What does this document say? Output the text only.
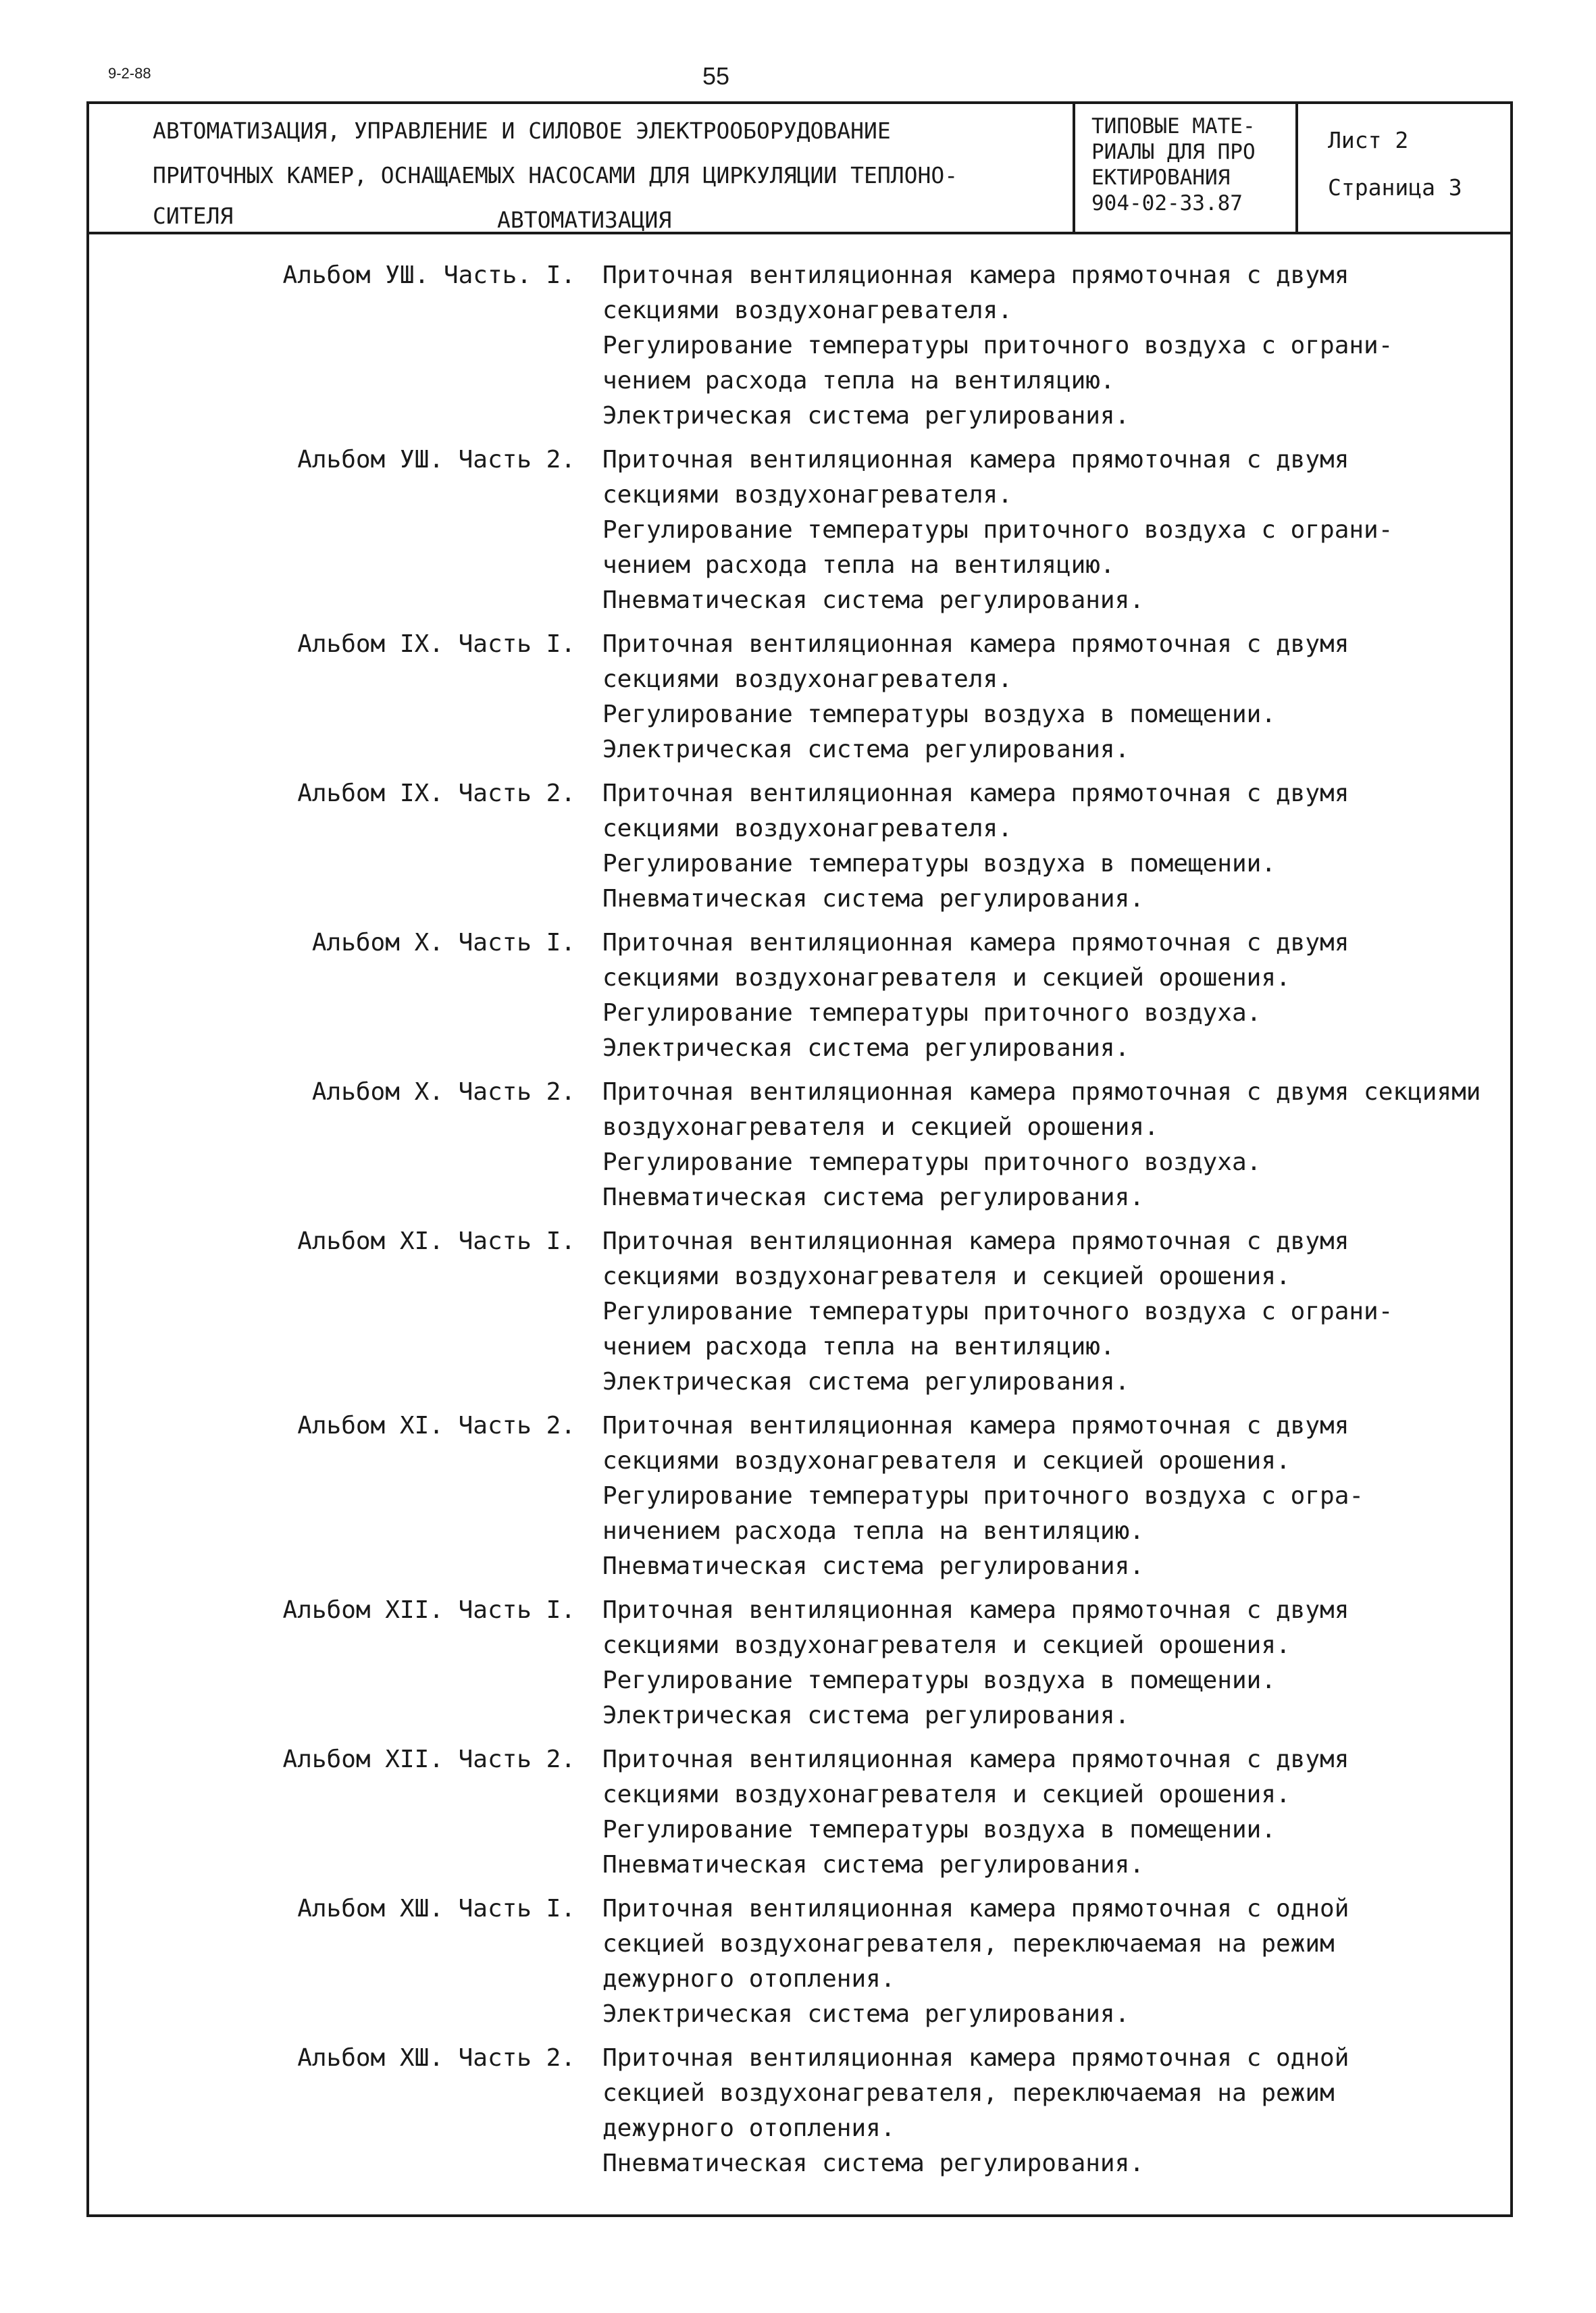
9-2-88	55
АВТОМАТИЗАЦИЯ, УПРАВЛЕНИЕ И СИЛОВОЕ ЭЛЕКТРООБОРУДОВАНИЕ
ПРИТОЧНЫХ КАМЕР, ОСНАЩАЕМЫХ НАСОСАМИ ДЛЯ ЦИРКУЛЯЦИИ ТЕПЛОНО-
СИТЕЛЯ	АВТОМАТИЗАЦИЯ
ТИПОВЫЕ МАТЕ-
РИАЛЫ ДЛЯ ПРО
ЕКТИРОВАНИЯ
904-02-33.87
Лист 2
Страница 3
Альбом УШ. Часть. I.	Приточная вентиляционная камера прямоточная с двумя
секциями воздухонагревателя.
Регулирование температуры приточного воздуха с ограни-
чением расхода тепла на вентиляцию.
Электрическая система регулирования.
Альбом УШ. Часть 2.	Приточная вентиляционная камера прямоточная с двумя
секциями воздухонагревателя.
Регулирование температуры приточного воздуха с ограни-
чением расхода тепла на вентиляцию.
Пневматическая система регулирования.
Альбом IX. Часть I.	Приточная вентиляционная камера прямоточная с двумя
секциями воздухонагревателя.
Регулирование температуры воздуха в помещении.
Электрическая система регулирования.
Альбом IX. Часть 2.	Приточная вентиляционная камера прямоточная с двумя
секциями воздухонагревателя.
Регулирование температуры воздуха в помещении.
Пневматическая система регулирования.
Альбом X. Часть I.	Приточная вентиляционная камера прямоточная с двумя
секциями воздухонагревателя и секцией орошения.
Регулирование температуры приточного воздуха.
Электрическая система регулирования.
Альбом X. Часть 2.	Приточная вентиляционная камера прямоточная с двумя секциями
воздухонагревателя и секцией орошения.
Регулирование температуры приточного воздуха.
Пневматическая система регулирования.
Альбом XI. Часть I.	Приточная вентиляционная камера прямоточная с двумя
секциями воздухонагревателя и секцией орошения.
Регулирование температуры приточного воздуха с ограни-
чением расхода тепла на вентиляцию.
Электрическая система регулирования.
Альбом XI. Часть 2.	Приточная вентиляционная камера прямоточная с двумя
секциями воздухонагревателя и секцией орошения.
Регулирование температуры приточного воздуха с огра-
ничением расхода тепла на вентиляцию.
Пневматическая система регулирования.
Альбом XII. Часть I.	Приточная вентиляционная камера прямоточная с двумя
секциями воздухонагревателя и секцией орошения.
Регулирование температуры воздуха в помещении.
Электрическая система регулирования.
Альбом XII. Часть 2.	Приточная вентиляционная камера прямоточная с двумя
секциями воздухонагревателя и секцией орошения.
Регулирование температуры воздуха в помещении.
Пневматическая система регулирования.
Альбом XШ. Часть I.	Приточная вентиляционная камера прямоточная с одной
секцией воздухонагревателя, переключаемая на режим
дежурного отопления.
Электрическая система регулирования.
Альбом XШ. Часть 2.	Приточная вентиляционная камера прямоточная с одной
секцией воздухонагревателя, переключаемая на режим
дежурного отопления.
Пневматическая система регулирования.
